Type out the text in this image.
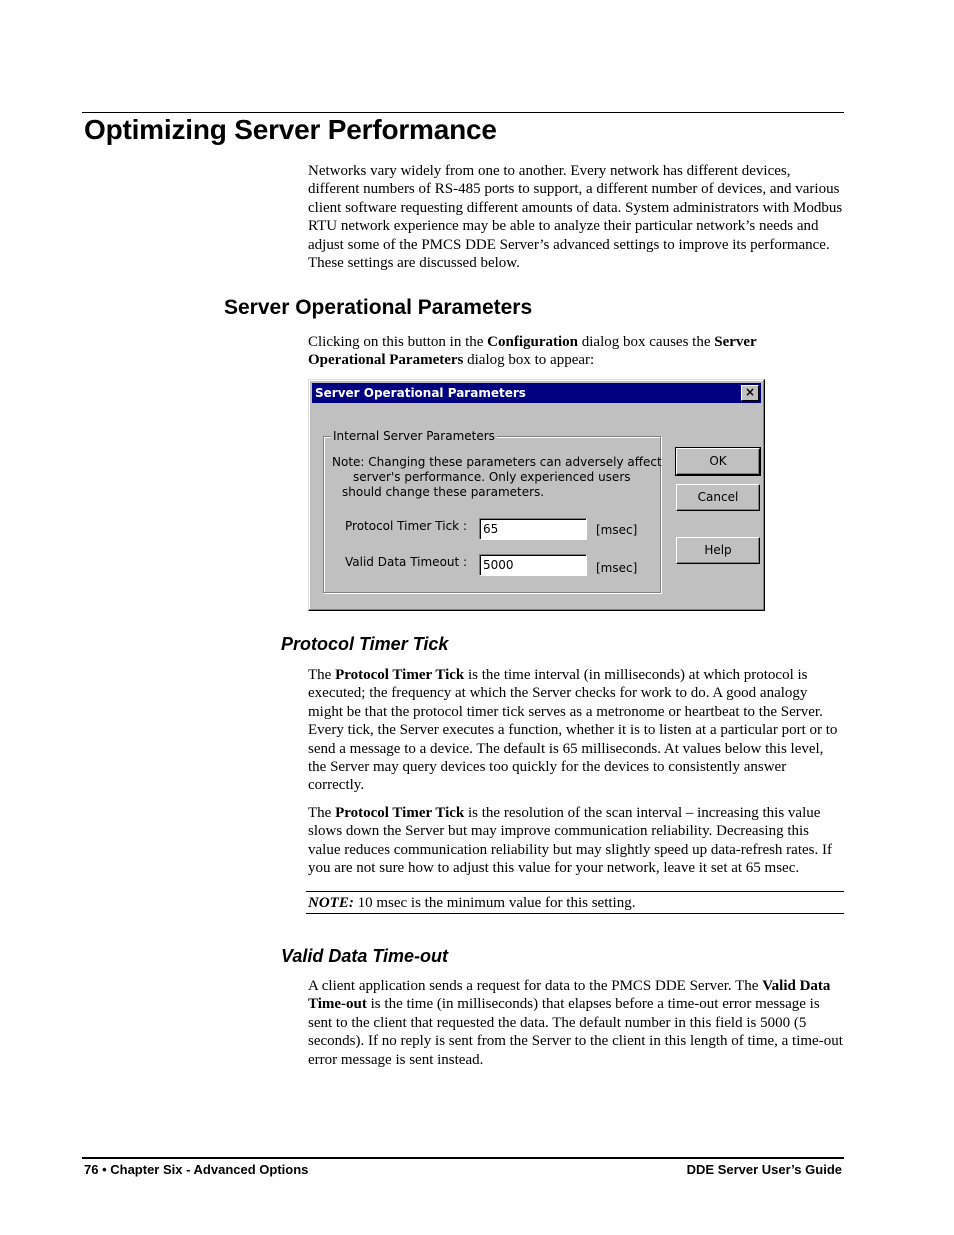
Optimizing Server Performance

Networks vary widely from one to another. Every network has different devices, different numbers of RS-485 ports to support, a different number of devices, and various client software requesting different amounts of data. System administrators with Modbus RTU network experience may be able to analyze their particular network’s needs and adjust some of the PMCS DDE Server’s advanced settings to improve its performance. These settings are discussed below.

Server Operational Parameters

Clicking on this button in the Configuration dialog box causes the Server Operational Parameters dialog box to appear:

Server Operational Parameters	×
Internal Server Parameters
Note: Changing these parameters can adversely affect
server's performance. Only experienced users
should change these parameters.
Protocol Timer Tick :	65	[msec]
Valid Data Timeout :	5000	[msec]
OK
Cancel
Help
Protocol Timer Tick

The Protocol Timer Tick is the time interval (in milliseconds) at which protocol is executed; the frequency at which the Server checks for work to do. A good analogy might be that the protocol timer tick serves as a metronome or heartbeat to the Server. Every tick, the Server executes a function, whether it is to listen at a particular port or to send a message to a device. The default is 65 milliseconds. At values below this level, the Server may query devices too quickly for the devices to consistently answer correctly.

The Protocol Timer Tick is the resolution of the scan interval – increasing this value slows down the Server but may improve communication reliability. Decreasing this value reduces communication reliability but may slightly speed up data-refresh rates. If you are not sure how to adjust this value for your network, leave it set at 65 msec.

NOTE: 10 msec is the minimum value for this setting.
Valid Data Time-out

A client application sends a request for data to the PMCS DDE Server. The Valid Data Time-out is the time (in milliseconds) that elapses before a time-out error message is sent to the client that requested the data. The default number in this field is 5000 (5 seconds). If no reply is sent from the Server to the client in this length of time, a time-out error message is sent instead.

76 • Chapter Six - Advanced Options	DDE Server User’s Guide
